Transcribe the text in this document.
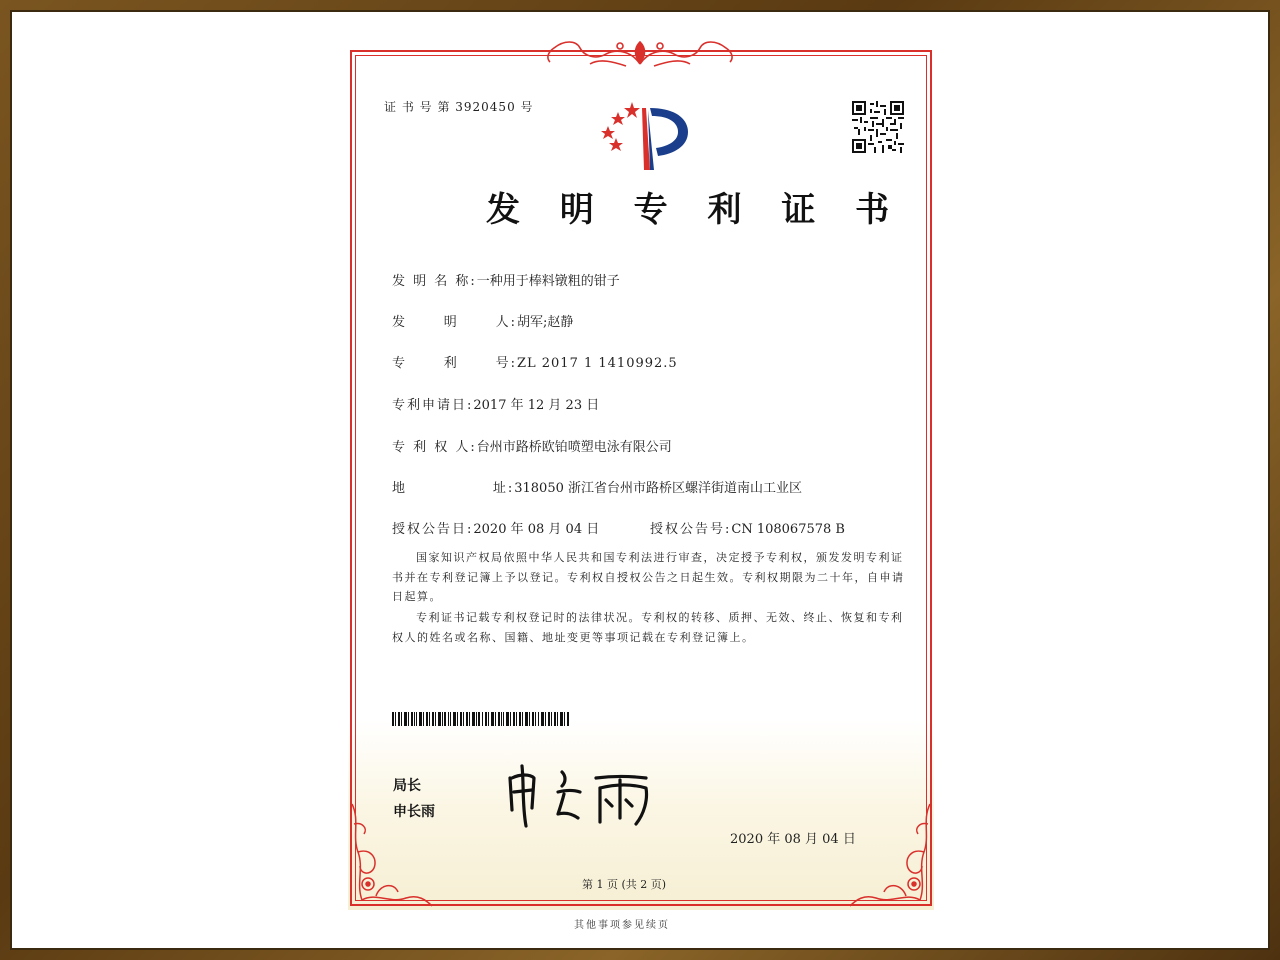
证 书 号 第 3920450 号
发 明 专 利 证 书
发 明 名 称:一种用于棒料镦粗的钳子
发      明      人:胡军;赵静
专      利      号:ZL 2017 1 1410992.5
专利申请日:2017 年 12 月 23 日
专 利 权 人:台州市路桥欧铂喷塑电泳有限公司
地              址:318050 浙江省台州市路桥区螺洋街道南山工业区
授权公告日:2020 年 08 月 04 日	授权公告号:CN 108067578 B
国家知识产权局依照中华人民共和国专利法进行审查，决定授予专利权，颁发发明专利证书并在专利登记簿上予以登记。专利权自授权公告之日起生效。专利权期限为二十年，自申请日起算。
专利证书记载专利权登记时的法律状况。专利权的转移、质押、无效、终止、恢复和专利权人的姓名或名称、国籍、地址变更等事项记载在专利登记簿上。
局长
申长雨
2020 年 08 月 04 日
第 1 页 (共 2 页)
其他事项参见续页
